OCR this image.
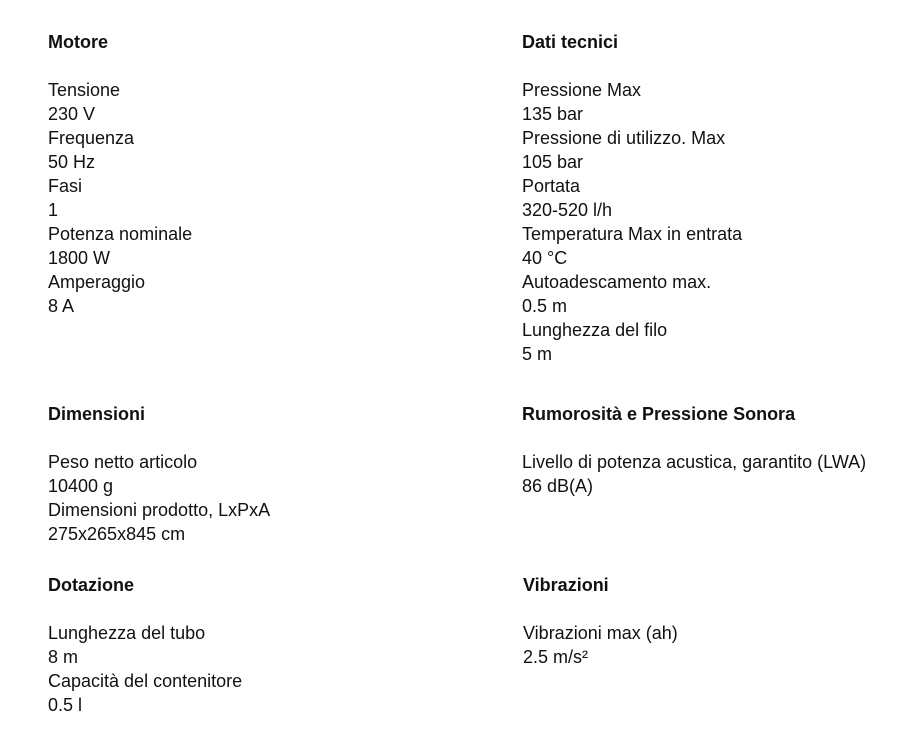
Motore
Tensione
230 V
Frequenza
50 Hz
Fasi
1
Potenza nominale
1800 W
Amperaggio
8 A
Dati tecnici
Pressione Max
135 bar
Pressione di utilizzo. Max
105 bar
Portata
320-520 l/h
Temperatura Max in entrata
40 °C
Autoadescamento max.
0.5 m
Lunghezza del filo
5 m
Dimensioni
Peso netto articolo
10400 g
Dimensioni prodotto, LxPxA
275x265x845 cm
Rumorosità e Pressione Sonora
Livello di potenza acustica, garantito (LWA)
86 dB(A)
Dotazione
Lunghezza del tubo
8 m
Capacità del contenitore
0.5 l
Vibrazioni
Vibrazioni max (ah)
2.5 m/s²
